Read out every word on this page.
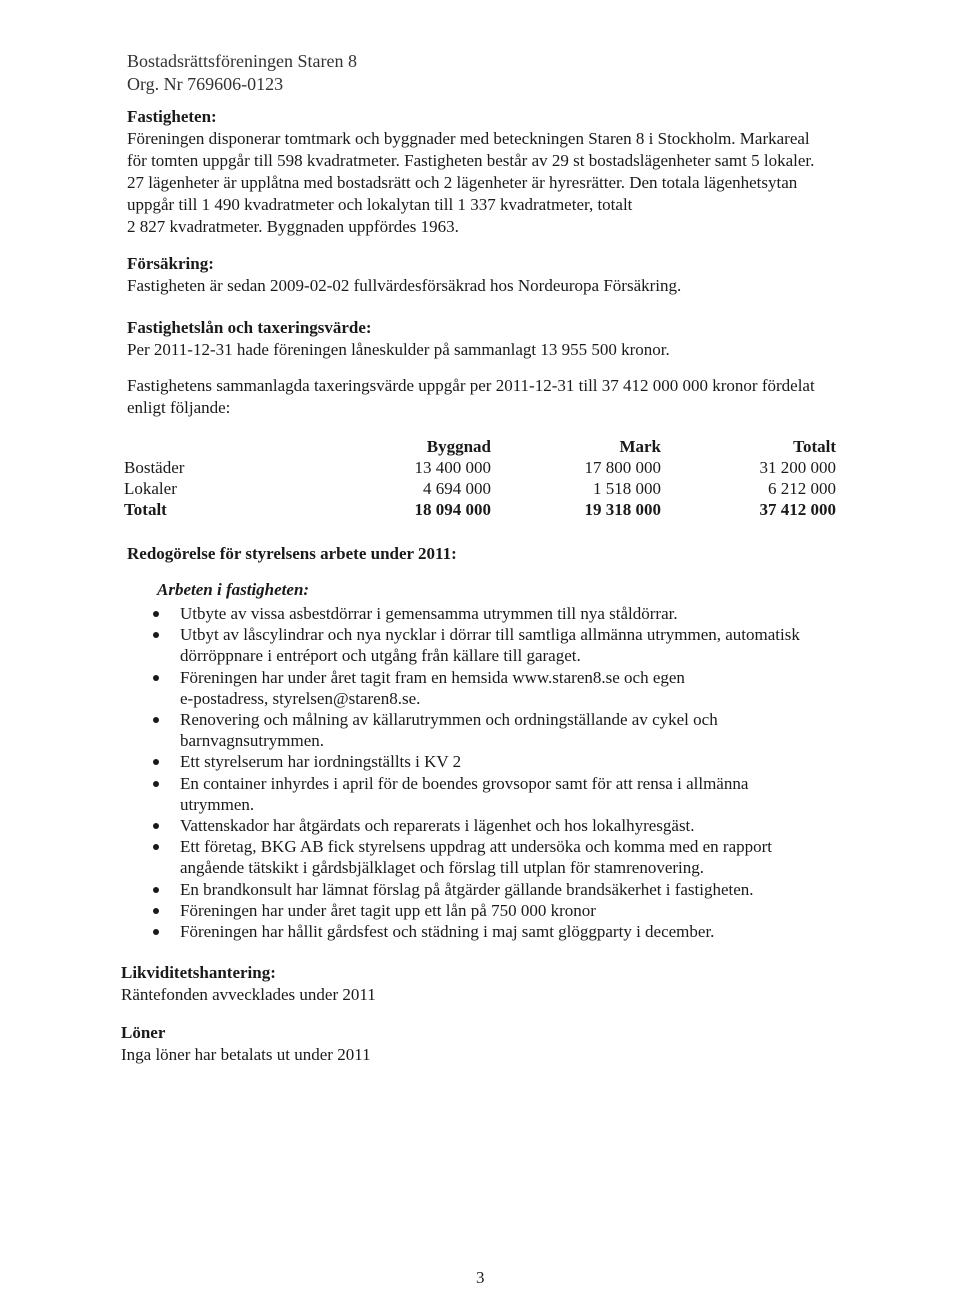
Bostadsrättsföreningen Staren 8
Org. Nr 769606-0123
Fastigheten:
Föreningen disponerar tomtmark och byggnader med beteckningen Staren 8 i Stockholm. Markareal
för tomten uppgår till 598 kvadratmeter. Fastigheten består av 29 st bostadslägenheter samt 5 lokaler.
27 lägenheter är upplåtna med bostadsrätt och 2 lägenheter är hyresrätter. Den totala lägenhetsytan
uppgår till 1 490 kvadratmeter och lokalytan till 1 337 kvadratmeter, totalt
2 827 kvadratmeter. Byggnaden uppfördes 1963.
Försäkring:
Fastigheten är sedan 2009-02-02 fullvärdesförsäkrad hos Nordeuropa Försäkring.
Fastighetslån och taxeringsvärde:
Per 2011-12-31 hade föreningen låneskulder på sammanlagt 13 955 500 kronor.
Fastighetens sammanlagda taxeringsvärde uppgår per 2011-12-31 till 37 412 000 000 kronor fördelat
enligt följande:
	Byggnad	Mark	Totalt
Bostäder	13 400 000	17 800 000	31 200 000
Lokaler	4 694 000	1 518 000	6 212 000
Totalt	18 094 000	19 318 000	37 412 000
Redogörelse för styrelsens arbete under 2011:
Arbeten i fastigheten:
Utbyte av vissa asbestdörrar i gemensamma utrymmen till nya ståldörrar.
Utbyt av låscylindrar och nya nycklar i dörrar till samtliga allmänna utrymmen, automatisk
dörröppnare i entréport och utgång från källare till garaget.
Föreningen har under året tagit fram en hemsida www.staren8.se och egen
e-postadress, styrelsen@staren8.se.
Renovering och målning av källarutrymmen och ordningställande av cykel och
barnvagnsutrymmen.
Ett styrelserum har iordningställts i KV 2
En container inhyrdes i april för de boendes grovsopor samt för att rensa i allmänna
utrymmen.
Vattenskador har åtgärdats och reparerats i lägenhet och hos lokalhyresgäst.
Ett företag, BKG AB fick styrelsens uppdrag att undersöka och komma med en rapport
angående tätskikt i gårdsbjälklaget och förslag till utplan för stamrenovering.
En brandkonsult har lämnat förslag på åtgärder gällande brandsäkerhet i fastigheten.
Föreningen har under året tagit upp ett lån på 750 000 kronor
Föreningen har hållit gårdsfest och städning i maj samt glöggparty i december.
Likviditetshantering:
Räntefonden avvecklades under 2011
Löner
Inga löner har betalats ut under 2011
3
